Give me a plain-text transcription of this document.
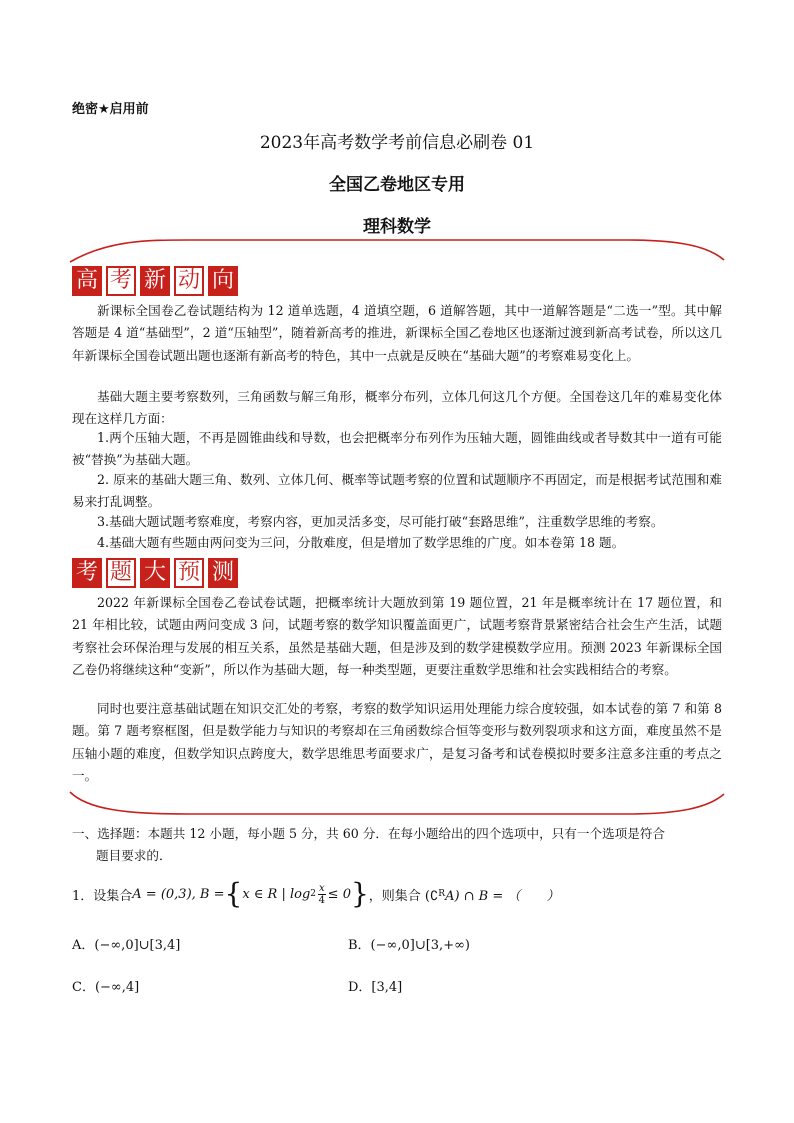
绝密★启用前
2023年高考数学考前信息必刷卷 01
全国乙卷地区专用
理科数学
高 考 新 动 向
新课标全国卷乙卷试题结构为 12 道单选题，4 道填空题，6 道解答题，其中一道解答题是“二选一”型。其中解答题是 4 道“基础型”，2 道“压轴型”，随着新高考的推进，新课标全国乙卷地区也逐渐过渡到新高考试卷，所以这几年新课标全国卷试题出题也逐渐有新高考的特色，其中一点就是反映在“基础大题”的考察难易变化上。
基础大题主要考察数列，三角函数与解三角形，概率分布列，立体几何这几个方便。全国卷这几年的难易变化体现在这样几方面：
1.两个压轴大题，不再是圆锥曲线和导数，也会把概率分布列作为压轴大题，圆锥曲线或者导数其中一道有可能被“替换”为基础大题。
2. 原来的基础大题三角、数列、立体几何、概率等试题考察的位置和试题顺序不再固定，而是根据考试范围和难易来打乱调整。
3.基础大题试题考察难度，考察内容，更加灵活多变，尽可能打破“套路思维”，注重数学思维的考察。
4.基础大题有些题由两问变为三问，分散难度，但是增加了数学思维的广度。如本卷第 18 题。
考 题 大 预 测
2022 年新课标全国卷乙卷试卷试题，把概率统计大题放到第 19 题位置，21 年是概率统计在 17 题位置，和 21 年相比较，试题由两问变成 3 问，试题考察的数学知识覆盖面更广，试题考察背景紧密结合社会生产生活，试题考察社会环保治理与发展的相互关系，虽然是基础大题，但是涉及到的数学建模数学应用。预测 2023 年新课标全国乙卷仍将继续这种“变新”，所以作为基础大题，每一种类型题，更要注重数学思维和社会实践相结合的考察。
同时也要注意基础试题在知识交汇处的考察，考察的数学知识运用处理能力综合度较强，如本试卷的第 7 和第 8 题。第 7 题考察框图，但是数学能力与知识的考察却在三角函数综合恒等变形与数列裂项求和这方面，难度虽然不是压轴小题的难度，但数学知识点跨度大，数学思维思考面要求广，是复习备考和试卷模拟时要多注意多注重的考点之一。
一、选择题：本题共 12 小题，每小题 5 分，共 60 分．在每小题给出的四个选项中，只有一个选项是符合
题目要求的．
1．设集合 A = (0,3), B = { x ∈ R | $\log 2 \frac{x}{4} \le 0$ } ，则集合 (∁ R A) ∩ B = （　　）
A．(−∞,0]∪[3,4]	B．(−∞,0]∪[3,+∞)
C．(−∞,4]	D．[3,4]
